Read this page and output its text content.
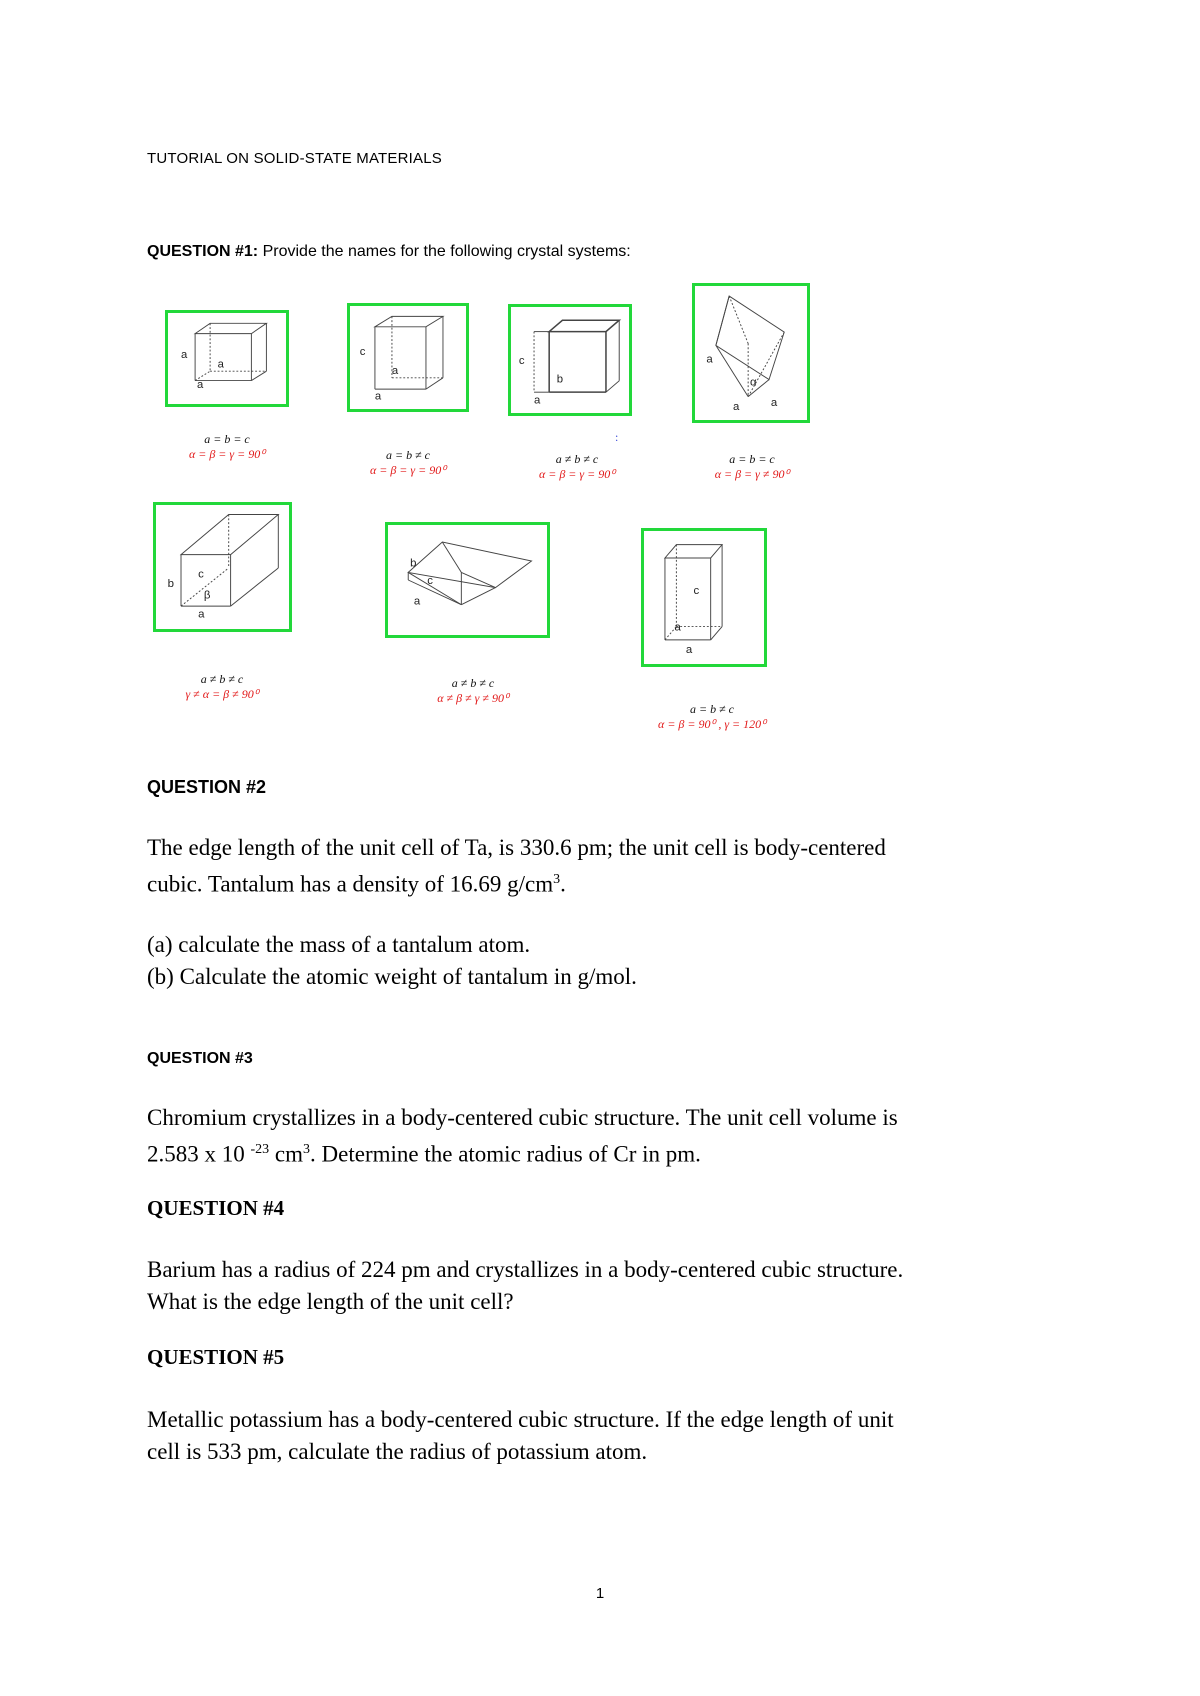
TUTORIAL ON SOLID-STATE MATERIALS
QUESTION #1: Provide the names for the following crystal systems:
a
a
a
a = b = c
α = β = γ = 90⁰
c
a
a
a = b ≠ c
α = β = γ = 90⁰
c
b
a
:
a ≠ b ≠ c
α = β = γ = 90⁰
a
α
a	a
a = b = c
α = β = γ ≠ 90⁰
c
b
β
a
a ≠ b ≠ c
γ ≠ α = β ≠ 90⁰
b
c
a
a ≠ b ≠ c
α ≠ β ≠ γ ≠ 90⁰
c
a
a
a = b ≠ c
α = β = 90⁰ , γ = 120⁰
QUESTION #2

The edge length of the unit cell of Ta, is 330.6 pm; the unit cell is body-centered

cubic. Tantalum has a density of 16.69 $g/cm^3$.

(a) calculate the mass of a tantalum atom.

(b) Calculate the atomic weight of tantalum in g/mol.

QUESTION #3

Chromium crystallizes in a body-centered cubic structure. The unit cell volume is

2.583 x 10 $^{-23}$ $cm^3$. Determine the atomic radius of Cr in pm.

QUESTION #4

Barium has a radius of 224 pm and crystallizes in a body-centered cubic structure.

What is the edge length of the unit cell?

QUESTION #5

Metallic potassium has a body-centered cubic structure. If the edge length of unit

cell is 533 pm, calculate the radius of potassium atom.

1
